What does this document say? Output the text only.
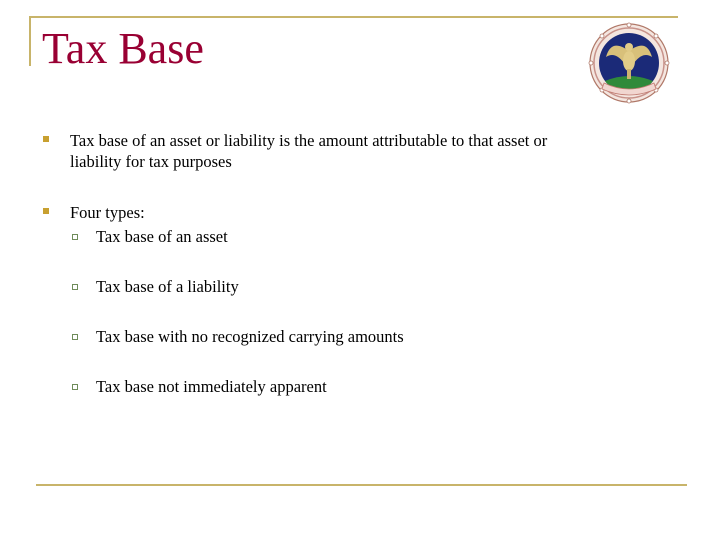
Tax Base
Tax base of an asset or liability is the amount attributable to that asset or
liability for tax purposes
Four types:
Tax base of an asset
Tax base of a liability
Tax base with no recognized carrying amounts
Tax base not immediately apparent
